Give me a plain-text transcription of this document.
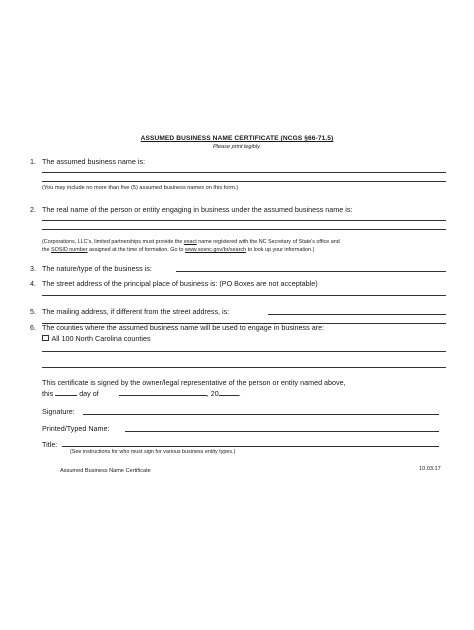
ASSUMED BUSINESS NAME CERTIFICATE (NCGS §66-71.5)
Please print legibly.
1. The assumed business name is:
(You may include no more than five (5) assumed business names on this form.)
2. The real name of the person or entity engaging in business under the assumed business name is:
(Corporations, LLC's, limited partnerships must provide the exact name registered with the NC Secretary of State's office and
the SOSID number assigned at the time of formation. Go to www.sosnc.gov/br/search to look up your information.)
3. The nature/type of the business is:
4. The street address of the principal place of business is: (PO Boxes are not acceptable)
5. The mailing address, if different from the street address, is:
6. The counties where the assumed business name will be used to engage in business are:
All 100 North Carolina counties
This certificate is signed by the owner/legal representative of the person or entity named above,
this	day of	, 20	.
Signature:
Printed/Typed Name:
Title:
(See instructions for who must sign for various business entity types.)
Assumed Business Name Certificate	10.03.17
